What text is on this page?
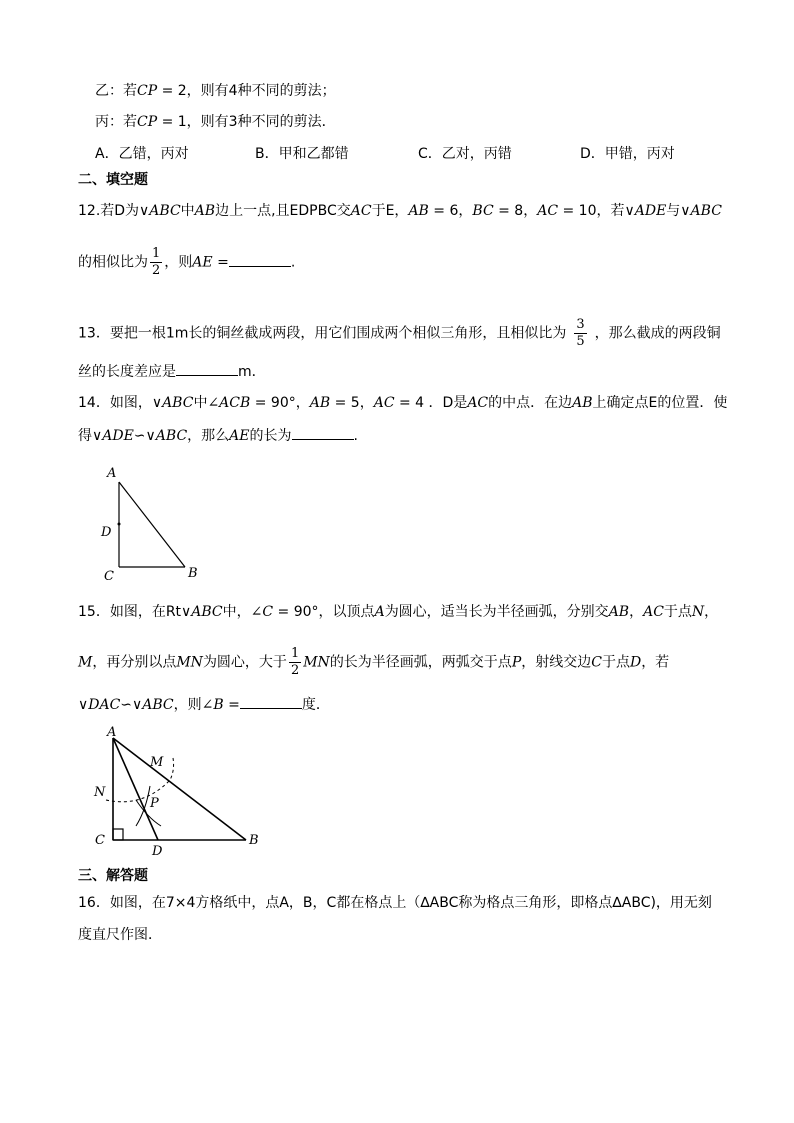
乙：若CP = 2，则有4种不同的剪法；
丙：若CP = 1，则有3种不同的剪法．
A．乙错，丙对	B．甲和乙都错	C．乙对，丙错	D．甲错，丙对
二、填空题
12.若D为∨ABC中AB边上一点,且EDPBC交AC于E，AB = 6，BC = 8，AC = 10，若∨ADE与∨ABC
的相似比为 $\frac{1}{2}$ ，则AE =	.
13．要把一根1m长的铜丝截成两段，用它们围成两个相似三角形，且相似比为 $\frac{3}{5}$ ，那么截成的两段铜
丝的长度差应是	m．
14．如图，∨ABC中∠ACB = 90°，AB = 5，AC = 4 ．D是AC的中点．在边AB上确定点E的位置．使
得∨ADE∽∨ABC，那么AE的长为	.
A
D
C	B
15．如图，在Rt∨ABC中，∠C = 90°，以顶点A为圆心，适当长为半径画弧，分别交AB，AC于点N，
M，再分别以点MN为圆心，大于 $\frac{1}{2}$ MN的长为半径画弧，两弧交于点P，射线交边C于点D，若
∨DAC∽∨ABC，则∠B =	度．
A
M
N
P
C
D
B
三、解答题
16．如图，在7×4方格纸中，点A，B，C都在格点上（∆ABC称为格点三角形，即格点∆ABC)，用无刻
度直尺作图．
